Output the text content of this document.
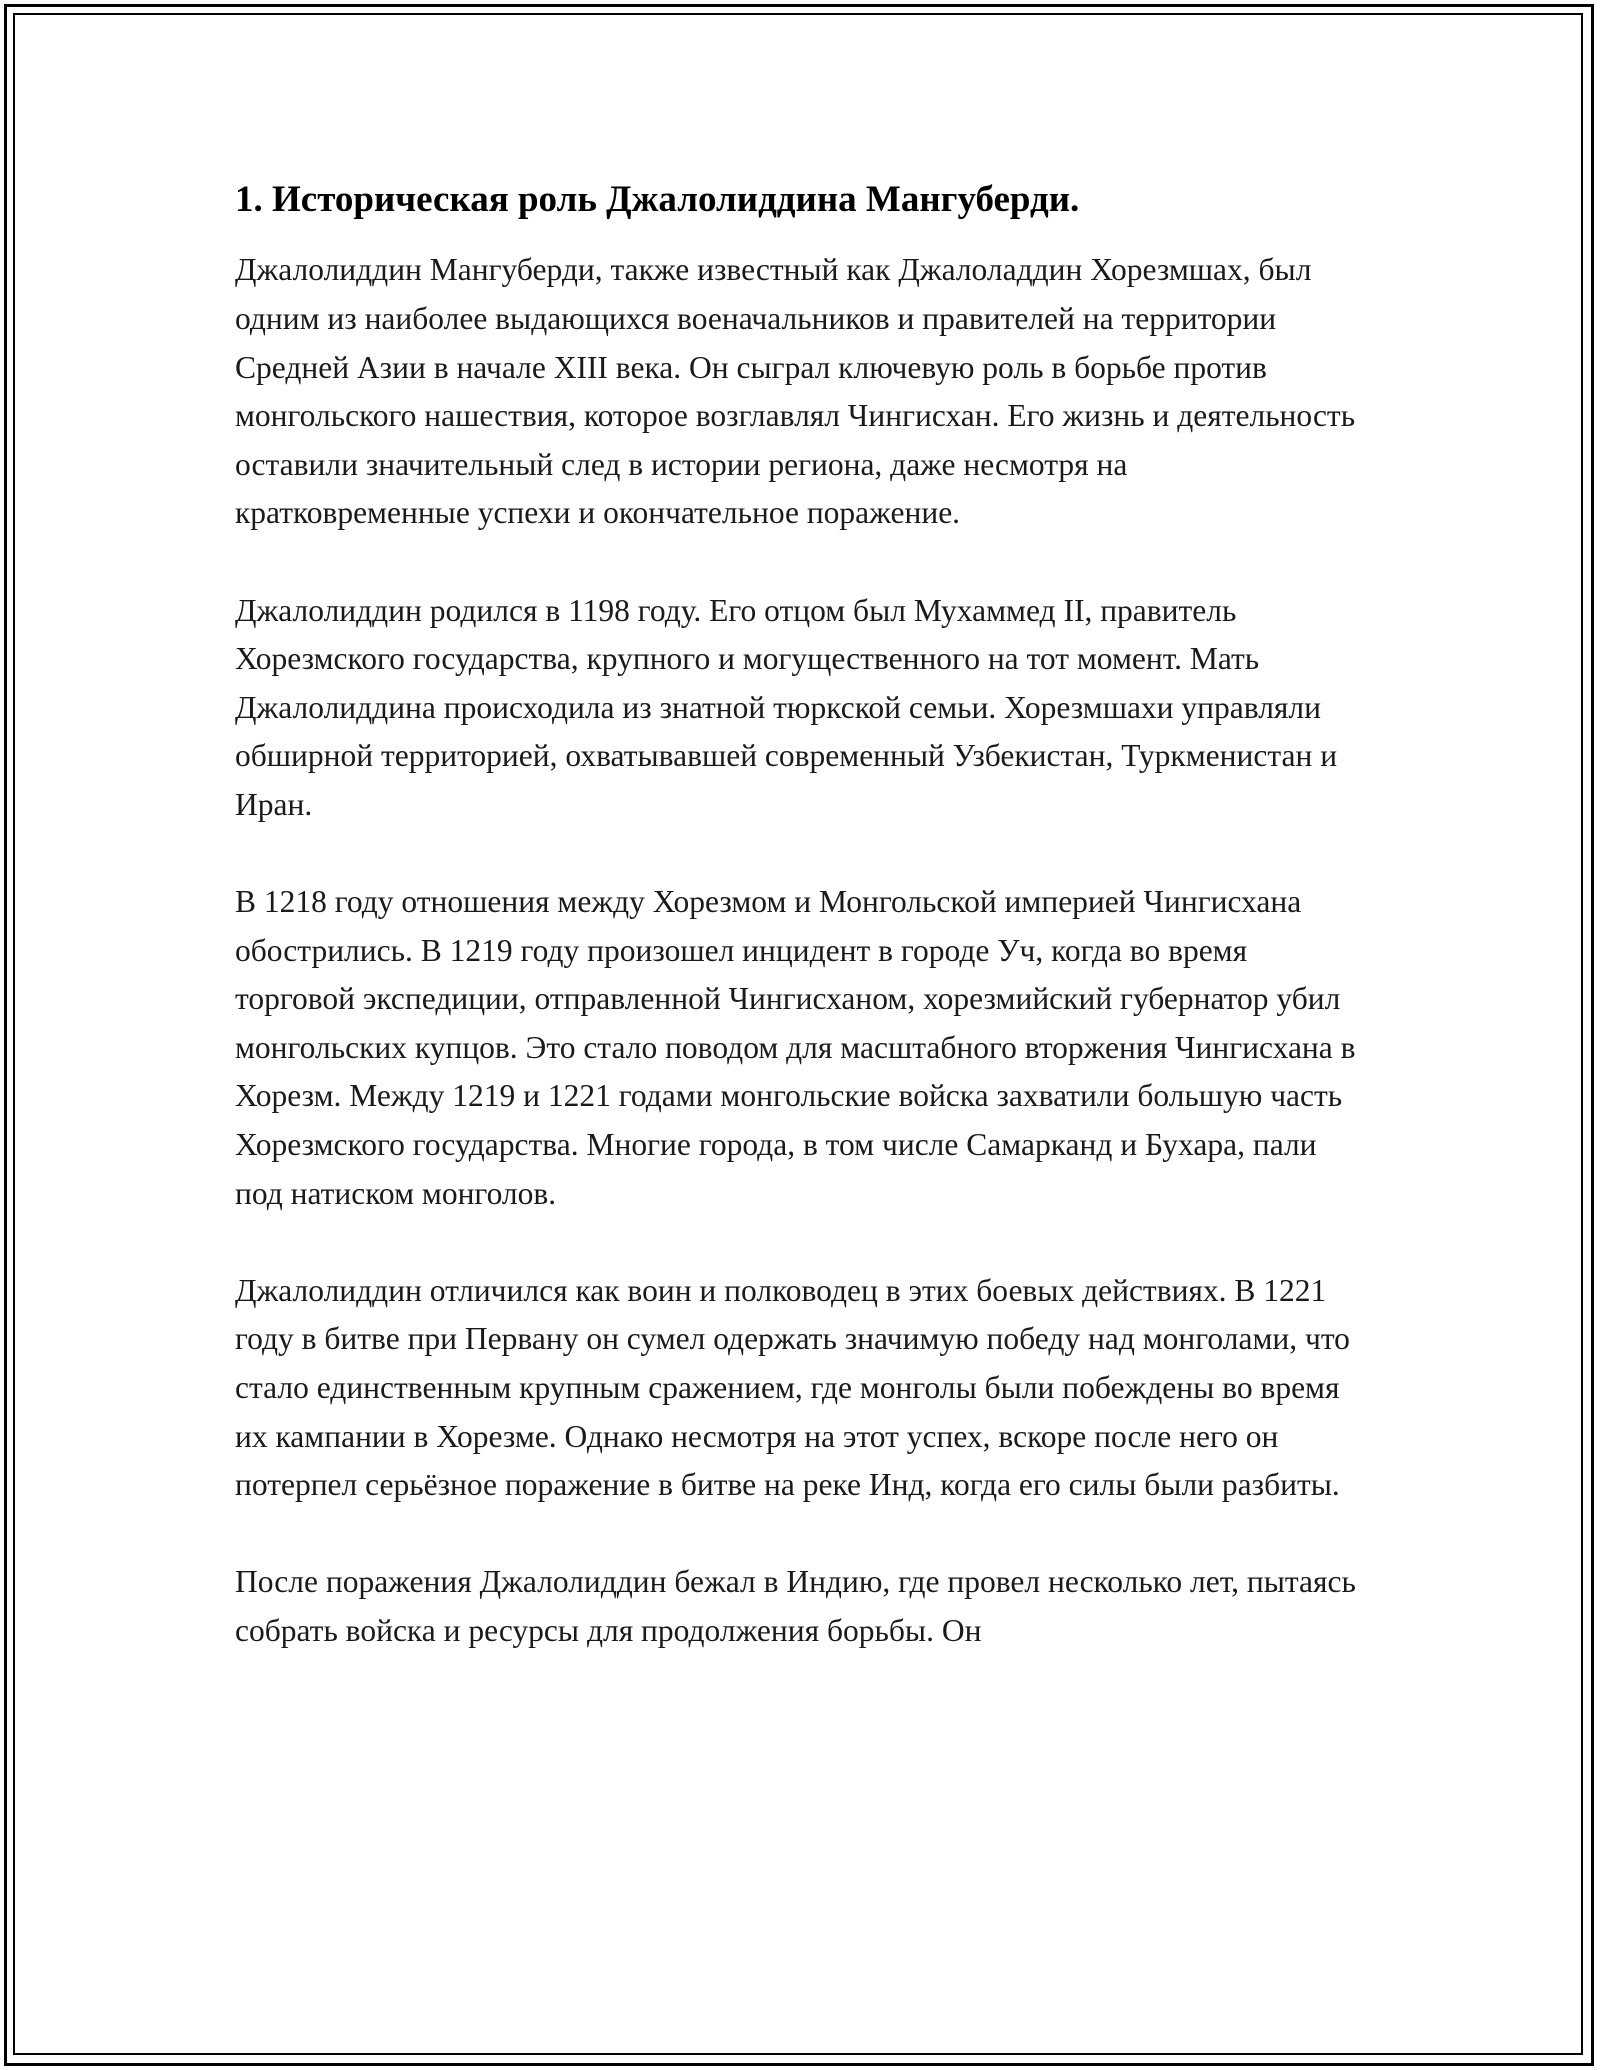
1. Историческая роль Джалолиддина Мангуберди.

Джалолиддин Мангуберди, также известный как Джалоладдин Хорезмшах, был одним из наиболее выдающихся военачальников и правителей на территории Средней Азии в начале XIII века. Он сыграл ключевую роль в борьбе против монгольского нашествия, которое возглавлял Чингисхан. Его жизнь и деятельность оставили значительный след в истории региона, даже несмотря на кратковременные успехи и окончательное поражение.

Джалолиддин родился в 1198 году. Его отцом был Мухаммед II, правитель Хорезмского государства, крупного и могущественного на тот момент. Мать Джалолиддина происходила из знатной тюркской семьи. Хорезмшахи управляли обширной территорией, охватывавшей современный Узбекистан, Туркменистан и Иран.

В 1218 году отношения между Хорезмом и Монгольской империей Чингисхана обострились. В 1219 году произошел инцидент в городе Уч, когда во время торговой экспедиции, отправленной Чингисханом, хорезмийский губернатор убил монгольских купцов. Это стало поводом для масштабного вторжения Чингисхана в Хорезм. Между 1219 и 1221 годами монгольские войска захватили большую часть Хорезмского государства. Многие города, в том числе Самарканд и Бухара, пали под натиском монголов.

Джалолиддин отличился как воин и полководец в этих боевых действиях. В 1221 году в битве при Первану он сумел одержать значимую победу над монголами, что стало единственным крупным сражением, где монголы были побеждены во время их кампании в Хорезме. Однако несмотря на этот успех, вскоре после него он потерпел серьёзное поражение в битве на реке Инд, когда его силы были разбиты.

После поражения Джалолиддин бежал в Индию, где провел несколько лет, пытаясь собрать войска и ресурсы для продолжения борьбы. Он
